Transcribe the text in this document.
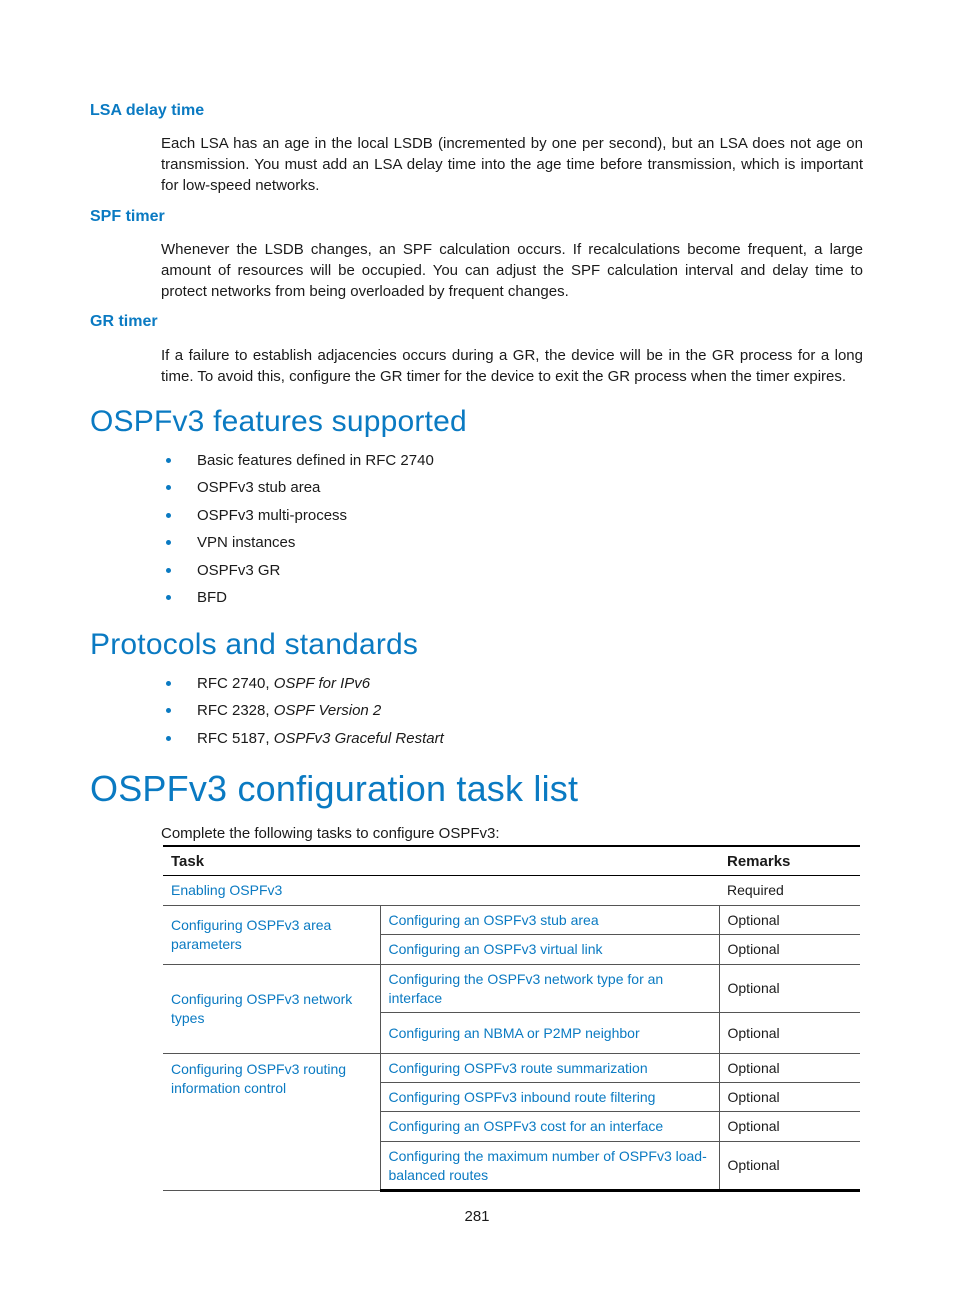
LSA delay time
Each LSA has an age in the local LSDB (incremented by one per second), but an LSA does not age on transmission. You must add an LSA delay time into the age time before transmission, which is important for low-speed networks.
SPF timer
Whenever the LSDB changes, an SPF calculation occurs. If recalculations become frequent, a large amount of resources will be occupied. You can adjust the SPF calculation interval and delay time to protect networks from being overloaded by frequent changes.
GR timer
If a failure to establish adjacencies occurs during a GR, the device will be in the GR process for a long time. To avoid this, configure the GR timer for the device to exit the GR process when the timer expires.
OSPFv3 features supported
Basic features defined in RFC 2740
OSPFv3 stub area
OSPFv3 multi-process
VPN instances
OSPFv3 GR
BFD
Protocols and standards
RFC 2740, OSPF for IPv6
RFC 2328, OSPF Version 2
RFC 5187, OSPFv3 Graceful Restart
OSPFv3 configuration task list
Complete the following tasks to configure OSPFv3:
Task		Remarks
Enabling OSPFv3		Required
Configuring OSPFv3 area parameters	Configuring an OSPFv3 stub area	Optional
	Configuring an OSPFv3 virtual link	Optional
Configuring OSPFv3 network types	Configuring the OSPFv3 network type for an interface	Optional
	Configuring an NBMA or P2MP neighbor	Optional
Configuring OSPFv3 routing information control	Configuring OSPFv3 route summarization	Optional
	Configuring OSPFv3 inbound route filtering	Optional
	Configuring an OSPFv3 cost for an interface	Optional
	Configuring the maximum number of OSPFv3 load-balanced routes	Optional
281
